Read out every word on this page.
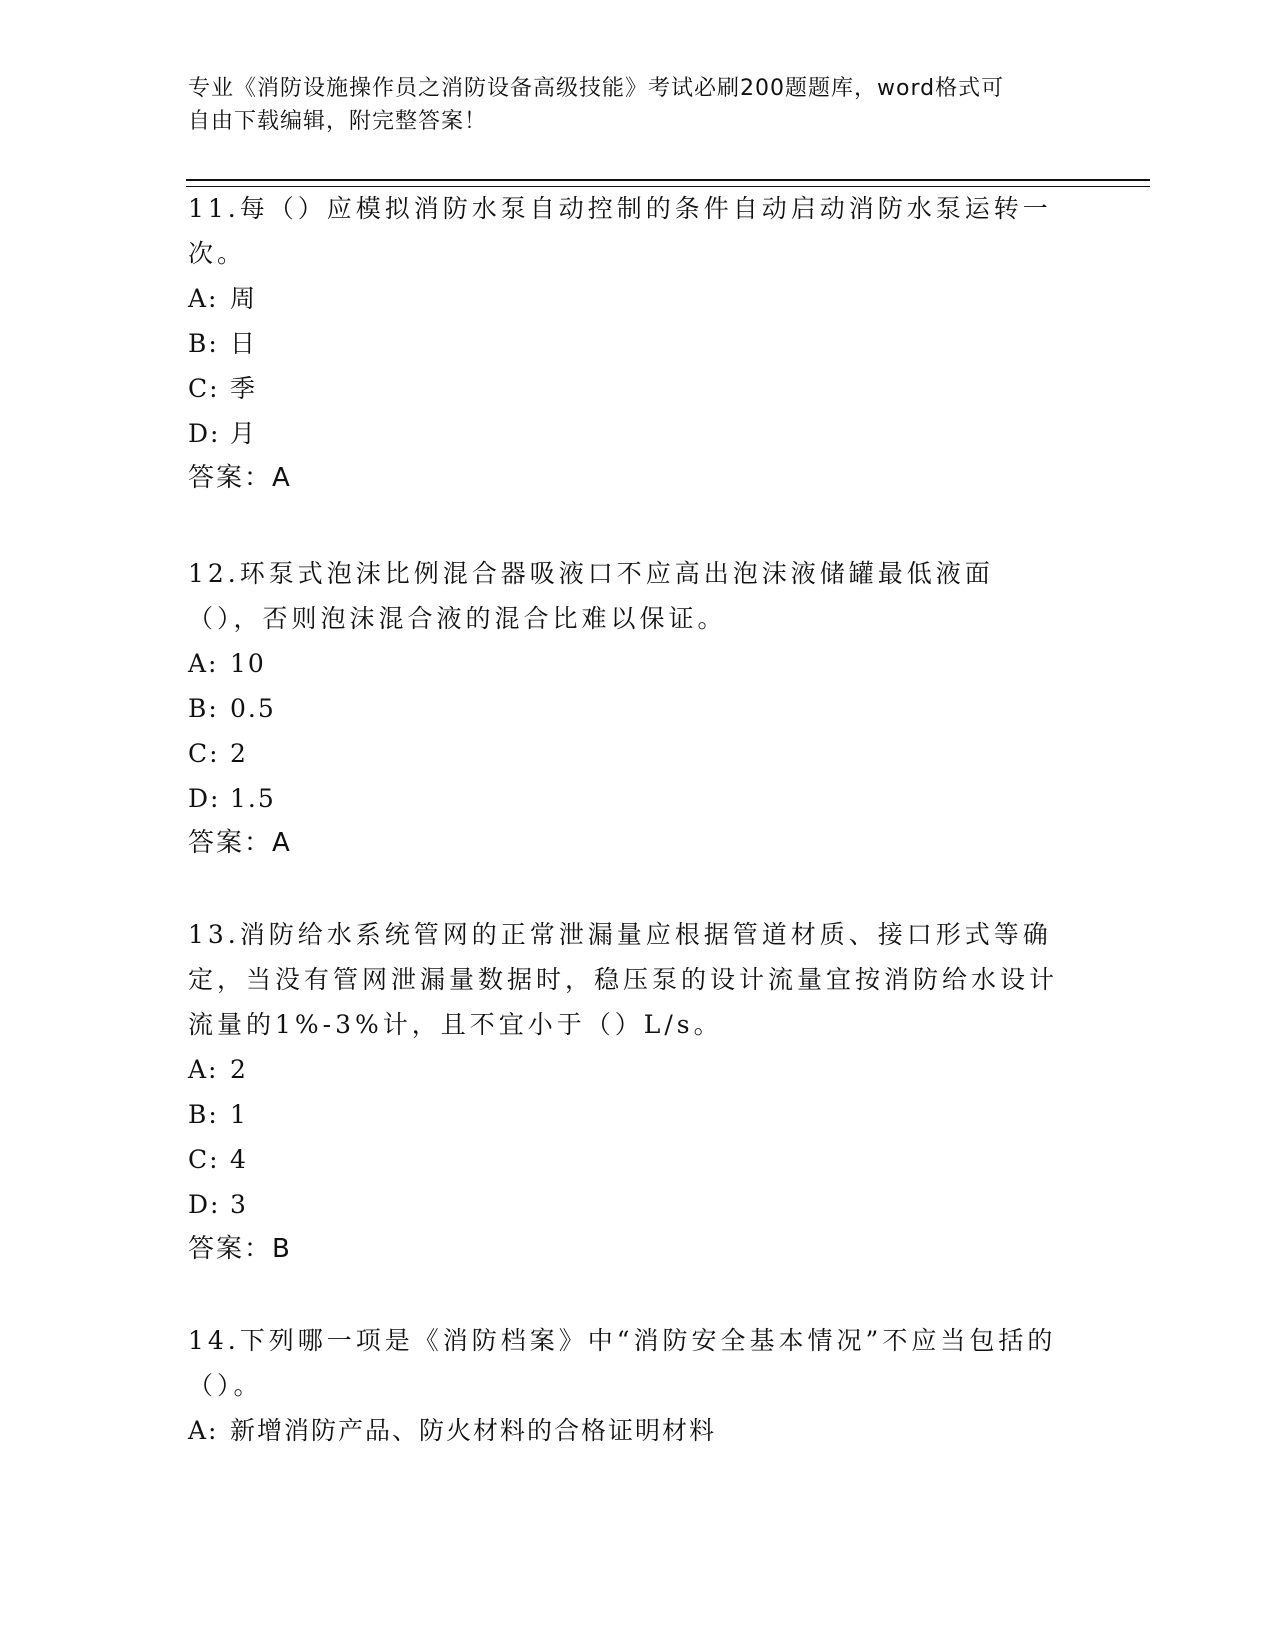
专业《消防设施操作员之消防设备高级技能》考试必刷200题题库，word格式可
自由下载编辑，附完整答案！

11.每（）应模拟消防水泵自动控制的条件自动启动消防水泵运转一次。

A: 周

B: 日

C: 季

D: 月

答案：A

12.环泵式泡沫比例混合器吸液口不应高出泡沫液储罐最低液面（），否则泡沫混合液的混合比难以保证。

A: 10

B: 0.5

C: 2

D: 1.5

答案：A

13.消防给水系统管网的正常泄漏量应根据管道材质、接口形式等确定，当没有管网泄漏量数据时，稳压泵的设计流量宜按消防给水设计流量的1%-3%计，且不宜小于（）L/s。

A: 2

B: 1

C: 4

D: 3

答案：B

14.下列哪一项是《消防档案》中“消防安全基本情况”不应当包括的（）。

A: 新增消防产品、防火材料的合格证明材料
